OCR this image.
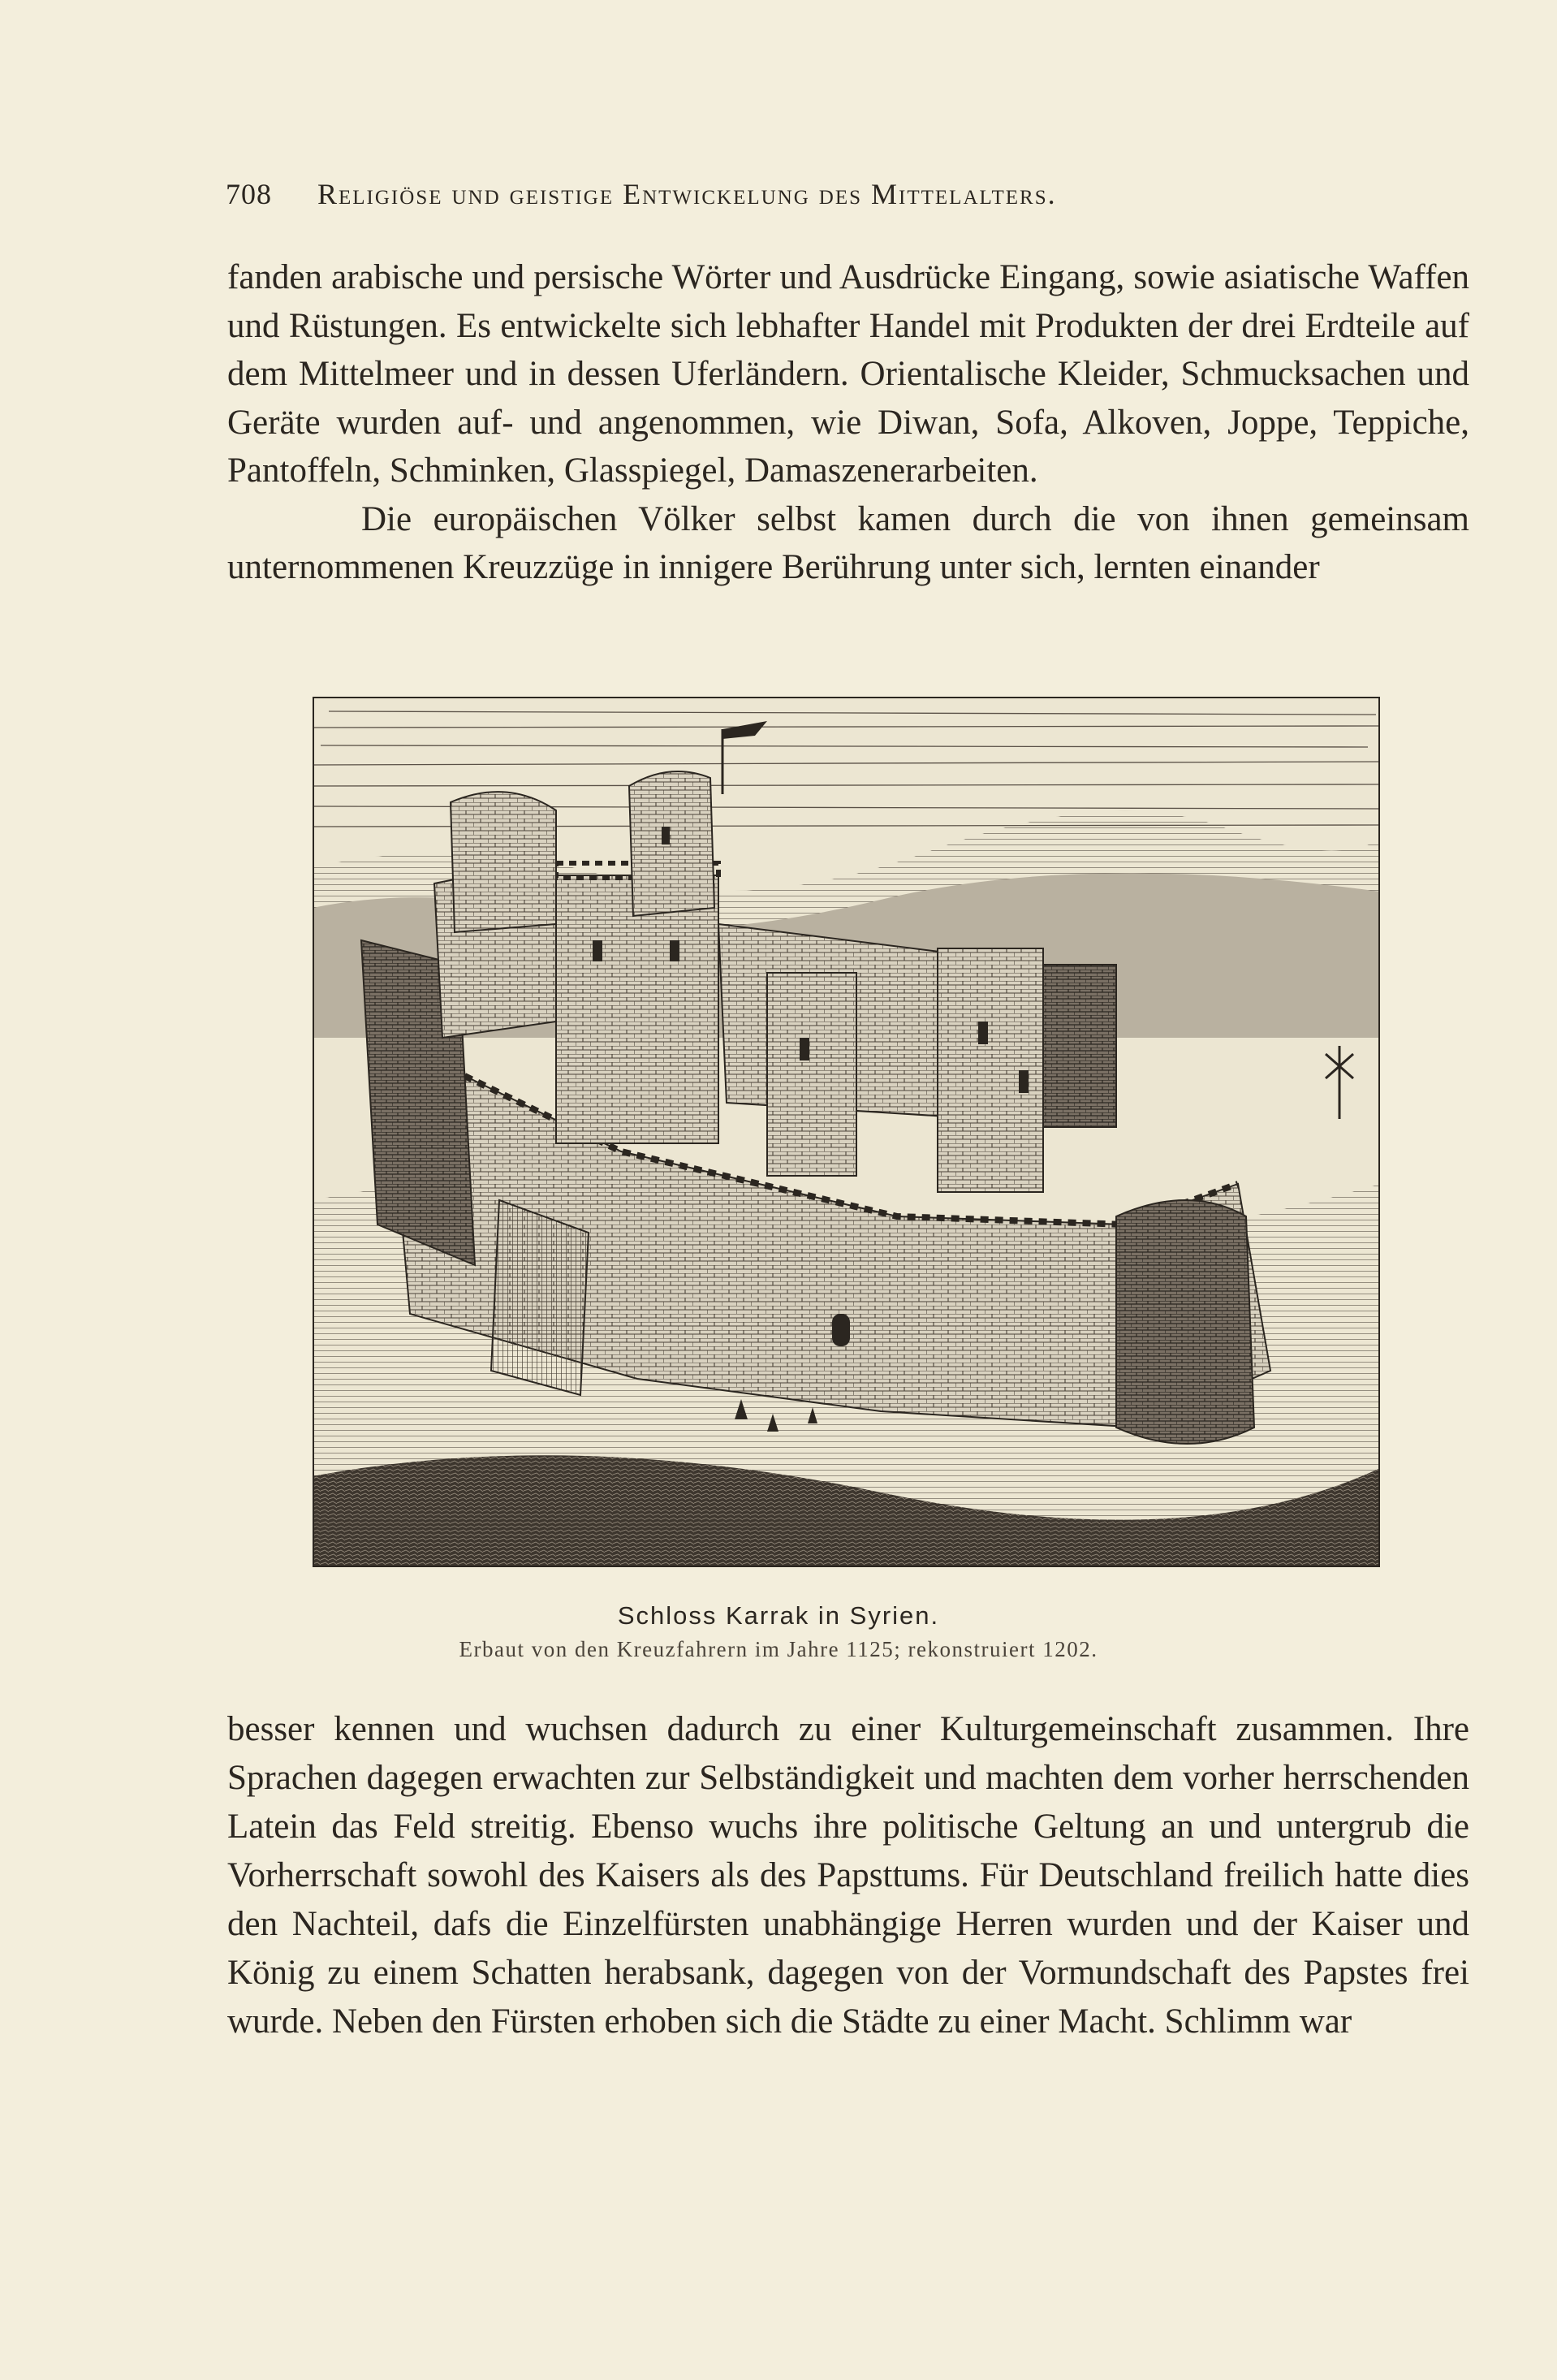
708 Religiöse und geistige Entwickelung des Mittelalters.

fanden arabische und persische Wörter und Ausdrücke Eingang, sowie asiatische Waffen und Rüstungen. Es entwickelte sich lebhafter Handel mit Produkten der drei Erdteile auf dem Mittelmeer und in dessen Uferländern. Orientalische Kleider, Schmucksachen und Geräte wurden auf- und angenommen, wie Diwan, Sofa, Alkoven, Joppe, Teppiche, Pantoffeln, Schminken, Glasspiegel, Damaszenerarbeiten.

Die europäischen Völker selbst kamen durch die von ihnen gemeinsam unternommenen Kreuzzüge in innigere Berührung unter sich, lernten einander

Schloss Karrak in Syrien.
Erbaut von den Kreuzfahrern im Jahre 1125; rekonstruiert 1202.

besser kennen und wuchsen dadurch zu einer Kulturgemeinschaft zusammen. Ihre Sprachen dagegen erwachten zur Selbständigkeit und machten dem vorher herrschenden Latein das Feld streitig. Ebenso wuchs ihre politische Geltung an und untergrub die Vorherrschaft sowohl des Kaisers als des Papsttums. Für Deutschland freilich hatte dies den Nachteil, dafs die Einzelfürsten unabhängige Herren wurden und der Kaiser und König zu einem Schatten herabsank, dagegen von der Vormundschaft des Papstes frei wurde. Neben den Fürsten erhoben sich die Städte zu einer Macht. Schlimm war
